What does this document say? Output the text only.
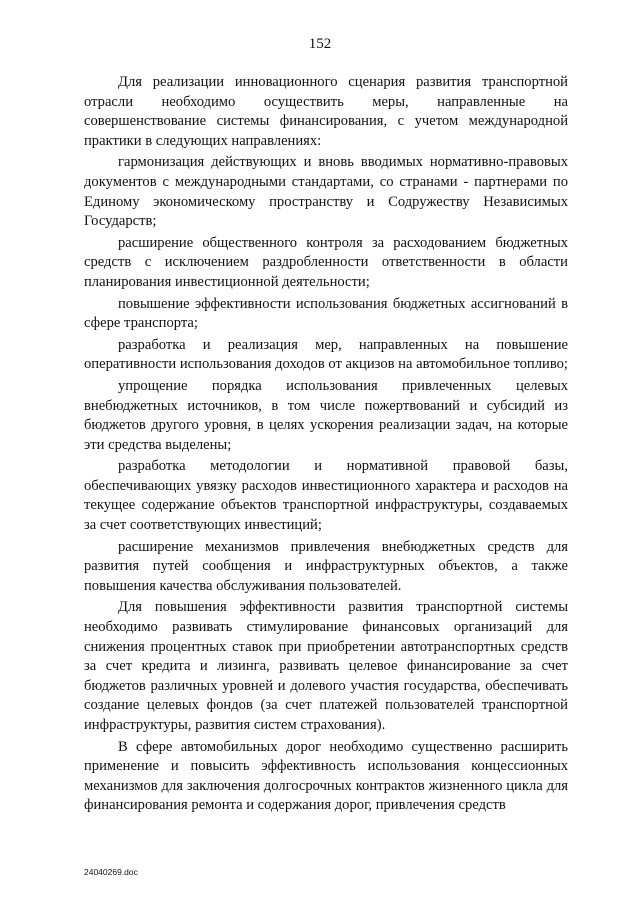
152

Для реализации инновационного сценария развития транспортной отрасли необходимо осуществить меры, направленные на совершенствование системы финансирования, с учетом международной практики в следующих направлениях:

гармонизация действующих и вновь вводимых нормативно-правовых документов с международными стандартами, со странами - партнерами по Единому экономическому пространству и Содружеству Независимых Государств;

расширение общественного контроля за расходованием бюджетных средств с исключением раздробленности ответственности в области планирования инвестиционной деятельности;

повышение эффективности использования бюджетных ассигнований в сфере транспорта;

разработка и реализация мер, направленных на повышение оперативности использования доходов от акцизов на автомобильное топливо;

упрощение порядка использования привлеченных целевых внебюджетных источников, в том числе пожертвований и субсидий из бюджетов другого уровня, в целях ускорения реализации задач, на которые эти средства выделены;

разработка методологии и нормативной правовой базы, обеспечивающих увязку расходов инвестиционного характера и расходов на текущее содержание объектов транспортной инфраструктуры, создаваемых за счет соответствующих инвестиций;

расширение механизмов привлечения внебюджетных средств для развития путей сообщения и инфраструктурных объектов, а также повышения качества обслуживания пользователей.

Для повышения эффективности развития транспортной системы необходимо развивать стимулирование финансовых организаций для снижения процентных ставок при приобретении автотранспортных средств за счет кредита и лизинга, развивать целевое финансирование за счет бюджетов различных уровней и долевого участия государства, обеспечивать создание целевых фондов (за счет платежей пользователей транспортной инфраструктуры, развития систем страхования).

В сфере автомобильных дорог необходимо существенно расширить применение и повысить эффективность использования концессионных механизмов для заключения долгосрочных контрактов жизненного цикла для финансирования ремонта и содержания дорог, привлечения средств

24040269.doc
